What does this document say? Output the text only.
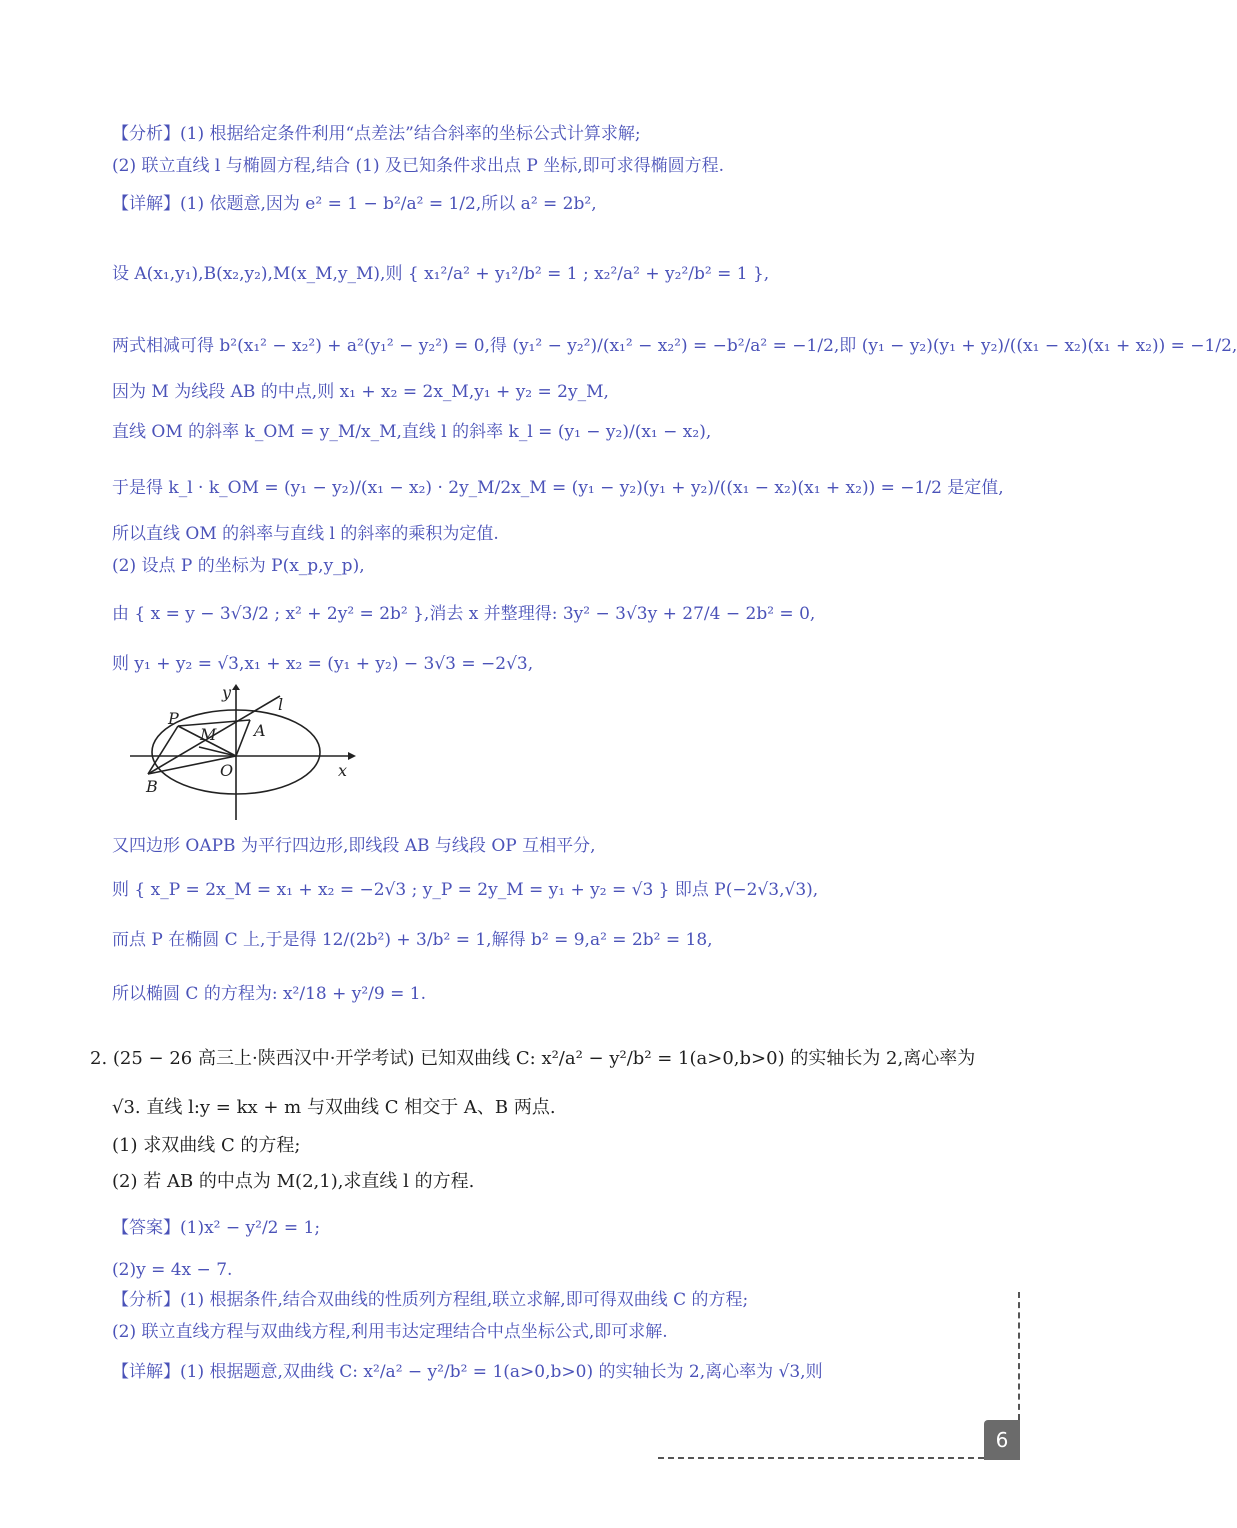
【分析】(1) 根据给定条件利用“点差法”结合斜率的坐标公式计算求解;
(2) 联立直线 l 与椭圆方程,结合 (1) 及已知条件求出点 P 坐标,即可求得椭圆方程.
【详解】(1) 依题意,因为 e² = 1 − b²/a² = 1/2,所以 a² = 2b²,
设 A(x₁,y₁),B(x₂,y₂),M(x_M,y_M),则 { x₁²/a² + y₁²/b² = 1 ; x₂²/a² + y₂²/b² = 1 },
两式相减可得 b²(x₁² − x₂²) + a²(y₁² − y₂²) = 0,得 (y₁² − y₂²)/(x₁² − x₂²) = −b²/a² = −1/2,即 (y₁ − y₂)(y₁ + y₂)/((x₁ − x₂)(x₁ + x₂)) = −1/2,
因为 M 为线段 AB 的中点,则 x₁ + x₂ = 2x_M,y₁ + y₂ = 2y_M,
直线 OM 的斜率 k_OM = y_M/x_M,直线 l 的斜率 k_l = (y₁ − y₂)/(x₁ − x₂),
于是得 k_l · k_OM = (y₁ − y₂)/(x₁ − x₂) · 2y_M/2x_M = (y₁ − y₂)(y₁ + y₂)/((x₁ − x₂)(x₁ + x₂)) = −1/2 是定值,
所以直线 OM 的斜率与直线 l 的斜率的乘积为定值.
(2) 设点 P 的坐标为 P(x_p,y_p),
由 { x = y − 3√3/2 ; x² + 2y² = 2b² },消去 x 并整理得: 3y² − 3√3y + 27/4 − 2b² = 0,
则 y₁ + y₂ = √3,x₁ + x₂ = (y₁ + y₂) − 3√3 = −2√3,
y
l
P
M A
O
B
x
又四边形 OAPB 为平行四边形,即线段 AB 与线段 OP 互相平分,
则 { x_P = 2x_M = x₁ + x₂ = −2√3 ; y_P = 2y_M = y₁ + y₂ = √3 } 即点 P(−2√3,√3),
而点 P 在椭圆 C 上,于是得 12/(2b²) + 3/b² = 1,解得 b² = 9,a² = 2b² = 18,
所以椭圆 C 的方程为: x²/18 + y²/9 = 1.
2. (25 − 26 高三上·陕西汉中·开学考试) 已知双曲线 C: x²/a² − y²/b² = 1(a>0,b>0) 的实轴长为 2,离心率为
√3. 直线 l:y = kx + m 与双曲线 C 相交于 A、B 两点.
(1) 求双曲线 C 的方程;
(2) 若 AB 的中点为 M(2,1),求直线 l 的方程.
【答案】(1)x² − y²/2 = 1;
(2)y = 4x − 7.
【分析】(1) 根据条件,结合双曲线的性质列方程组,联立求解,即可得双曲线 C 的方程;
(2) 联立直线方程与双曲线方程,利用韦达定理结合中点坐标公式,即可求解.
【详解】(1) 根据题意,双曲线 C: x²/a² − y²/b² = 1(a>0,b>0) 的实轴长为 2,离心率为 √3,则
6
